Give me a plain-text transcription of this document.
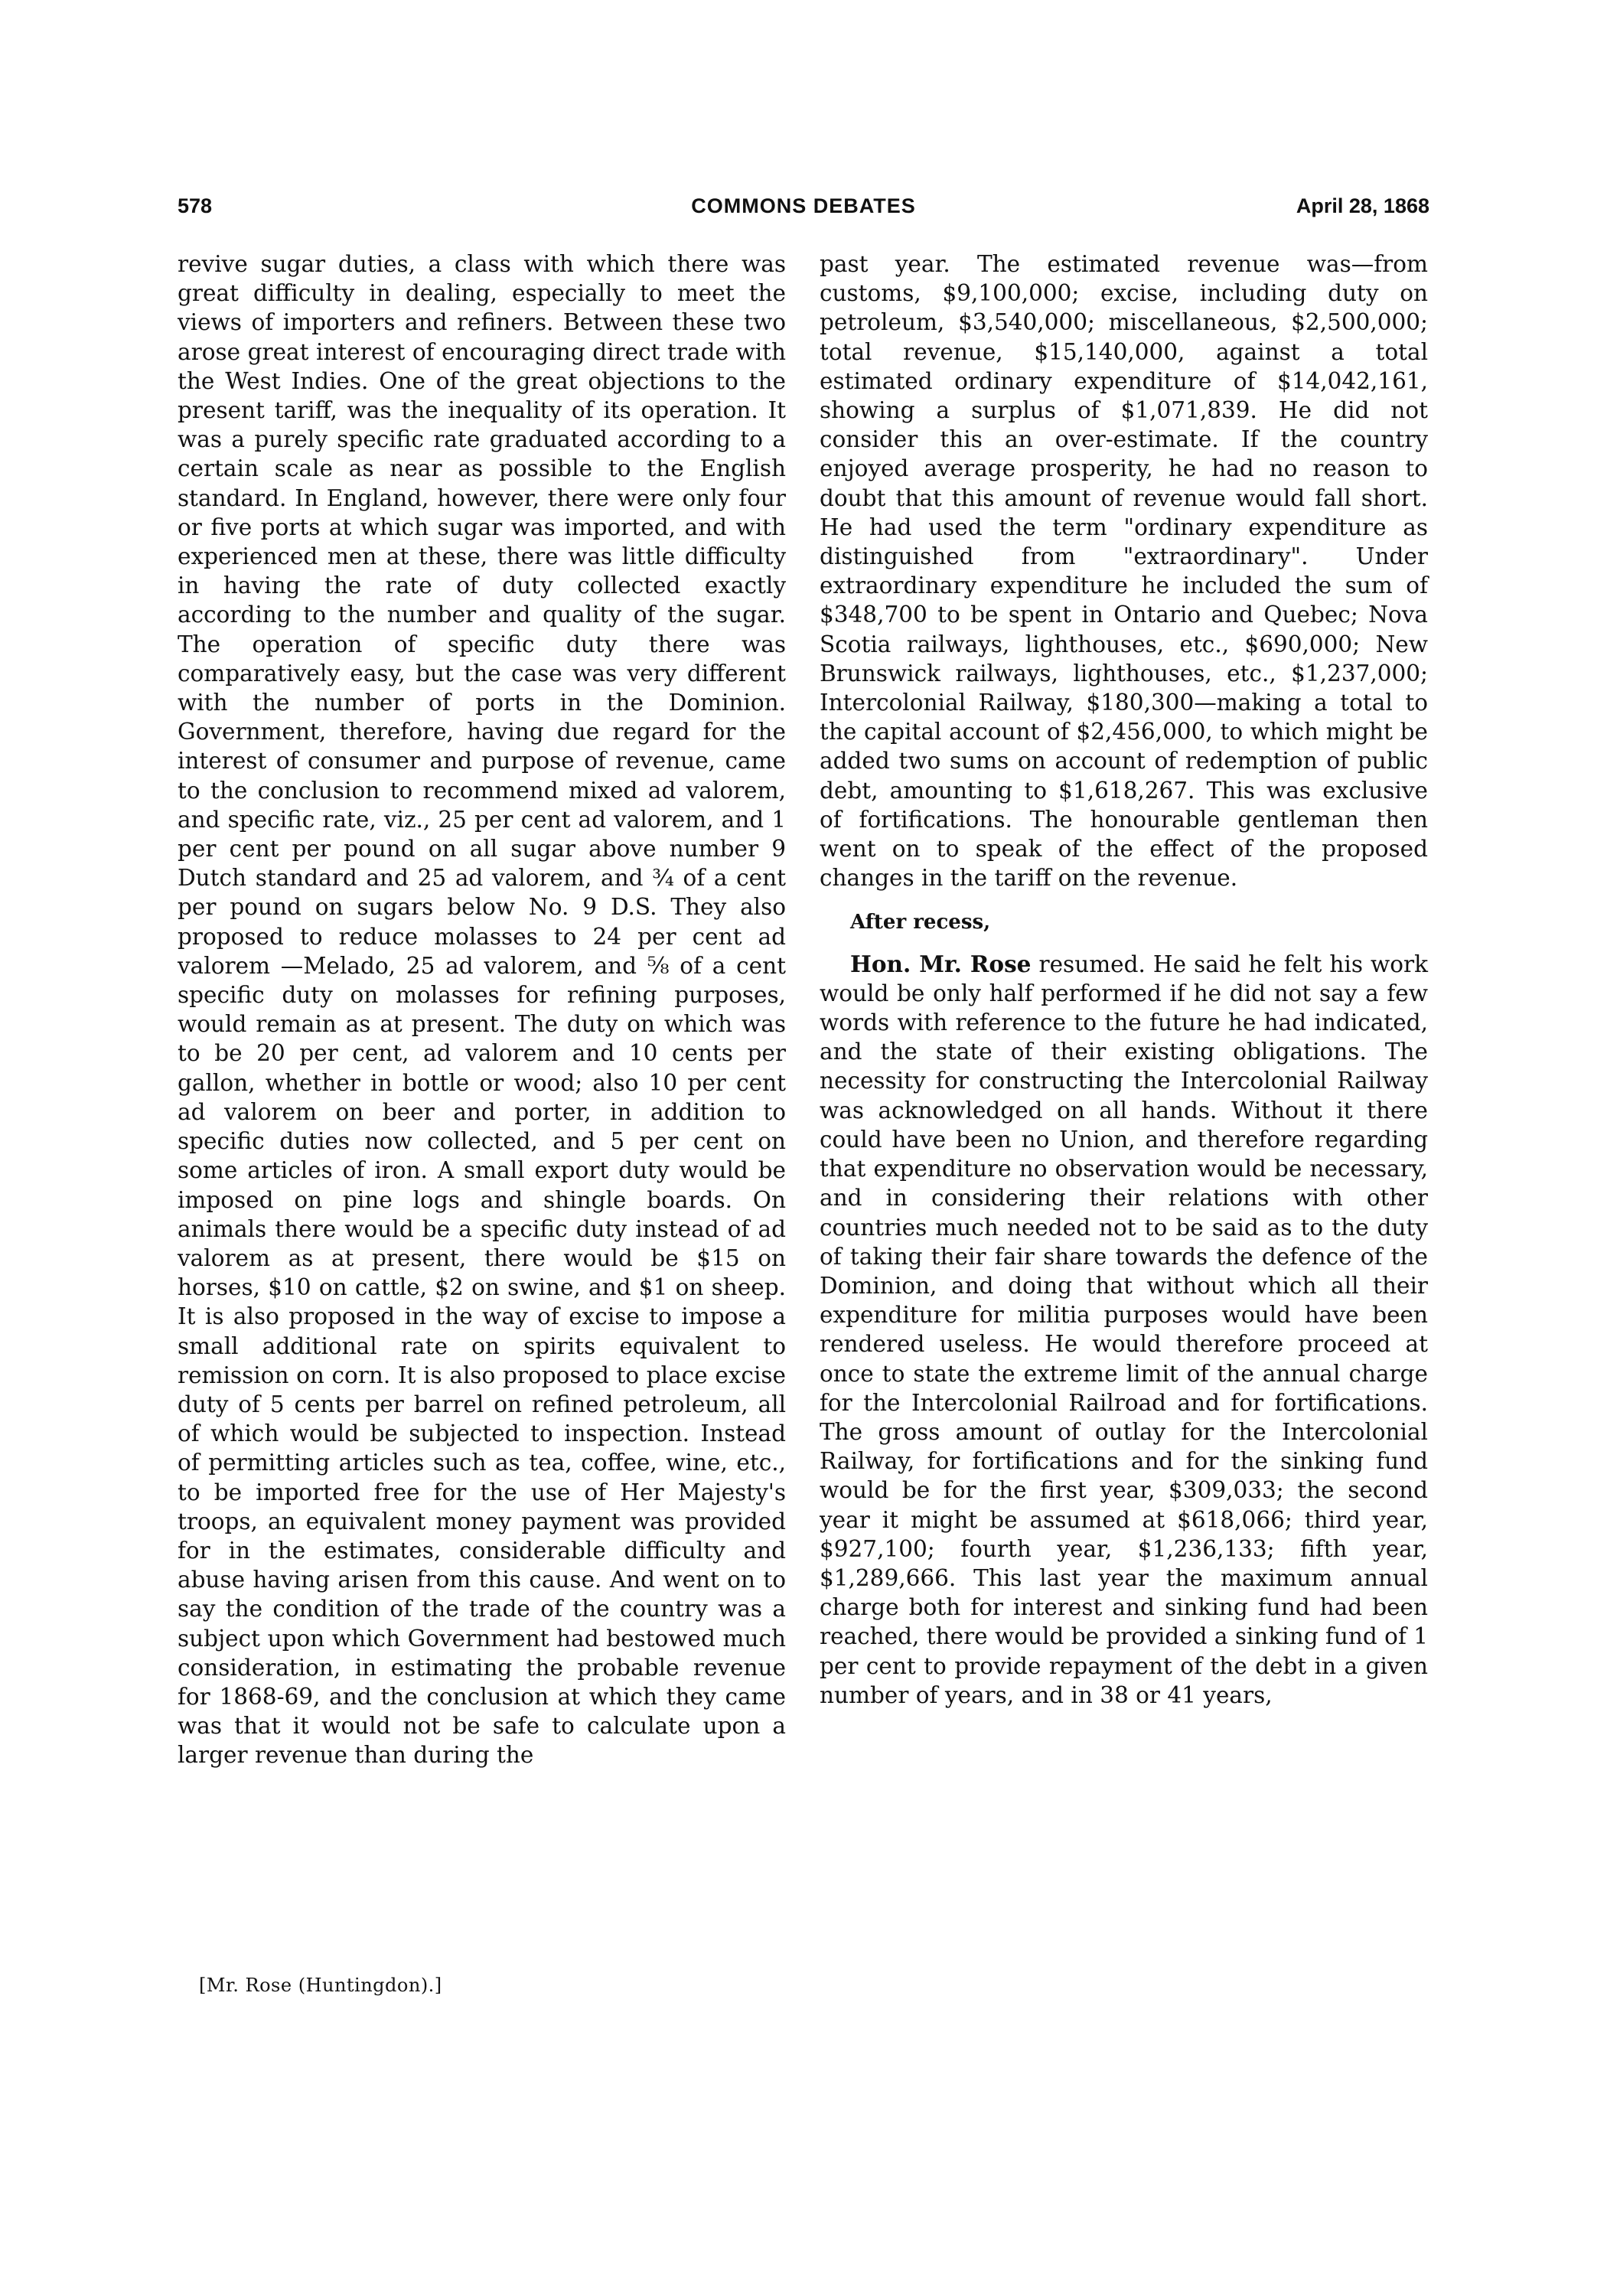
578	COMMONS DEBATES	April 28, 1868

revive sugar duties, a class with which there was great difficulty in dealing, especially to meet the views of importers and refiners. Between these two arose great interest of encouraging direct trade with the West Indies. One of the great objections to the present tariff, was the inequality of its operation. It was a purely specific rate graduated according to a certain scale as near as possible to the English standard. In England, however, there were only four or five ports at which sugar was imported, and with experienced men at these, there was little difficulty in having the rate of duty collected exactly according to the number and quality of the sugar. The operation of specific duty there was comparatively easy, but the case was very different with the number of ports in the Dominion. Government, therefore, having due regard for the interest of consumer and purpose of revenue, came to the conclusion to recommend mixed ad valorem, and specific rate, viz., 25 per cent ad valorem, and 1 per cent per pound on all sugar above number 9 Dutch standard and 25 ad valorem, and ¾ of a cent per pound on sugars below No. 9 D.S. They also proposed to reduce molasses to 24 per cent ad valorem —Melado, 25 ad valorem, and ⅝ of a cent specific duty on molasses for refining purposes, would remain as at present. The duty on which was to be 20 per cent, ad valorem and 10 cents per gallon, whether in bottle or wood; also 10 per cent ad valorem on beer and porter, in addition to specific duties now collected, and 5 per cent on some articles of iron. A small export duty would be imposed on pine logs and shingle boards. On animals there would be a specific duty instead of ad valorem as at present, there would be $15 on horses, $10 on cattle, $2 on swine, and $1 on sheep. It is also proposed in the way of excise to impose a small additional rate on spirits equivalent to remission on corn. It is also proposed to place excise duty of 5 cents per barrel on refined petroleum, all of which would be subjected to inspection. Instead of permitting articles such as tea, coffee, wine, etc., to be imported free for the use of Her Majesty's troops, an equivalent money payment was provided for in the estimates, considerable difficulty and abuse having arisen from this cause. And went on to say the condition of the trade of the country was a subject upon which Government had bestowed much consideration, in estimating the probable revenue for 1868-69, and the conclusion at which they came was that it would not be safe to calculate upon a larger revenue than during the

[Mr. Rose (Huntingdon).]

past year. The estimated revenue was—from customs, $9,100,000; excise, including duty on petroleum, $3,540,000; miscellaneous, $2,500,000; total revenue, $15,140,000, against a total estimated ordinary expenditure of $14,042,161, showing a surplus of $1,071,839. He did not consider this an over-estimate. If the country enjoyed average prosperity, he had no reason to doubt that this amount of revenue would fall short. He had used the term "ordinary expenditure as distinguished from "extraordinary". Under extraordinary expenditure he included the sum of $348,700 to be spent in Ontario and Quebec; Nova Scotia railways, lighthouses, etc., $690,000; New Brunswick railways, lighthouses, etc., $1,237,000; Intercolonial Railway, $180,300—making a total to the capital account of $2,456,000, to which might be added two sums on account of redemption of public debt, amounting to $1,618,267. This was exclusive of fortifications. The honourable gentleman then went on to speak of the effect of the proposed changes in the tariff on the revenue.

After recess,

Hon. Mr. Rose resumed. He said he felt his work would be only half performed if he did not say a few words with reference to the future he had indicated, and the state of their existing obligations. The necessity for constructing the Intercolonial Railway was acknowledged on all hands. Without it there could have been no Union, and therefore regarding that expenditure no observation would be necessary, and in considering their relations with other countries much needed not to be said as to the duty of taking their fair share towards the defence of the Dominion, and doing that without which all their expenditure for militia purposes would have been rendered useless. He would therefore proceed at once to state the extreme limit of the annual charge for the Intercolonial Railroad and for fortifications. The gross amount of outlay for the Intercolonial Railway, for fortifications and for the sinking fund would be for the first year, $309,033; the second year it might be assumed at $618,066; third year, $927,100; fourth year, $1,236,133; fifth year, $1,289,666. This last year the maximum annual charge both for interest and sinking fund had been reached, there would be provided a sinking fund of 1 per cent to provide repayment of the debt in a given number of years, and in 38 or 41 years,
